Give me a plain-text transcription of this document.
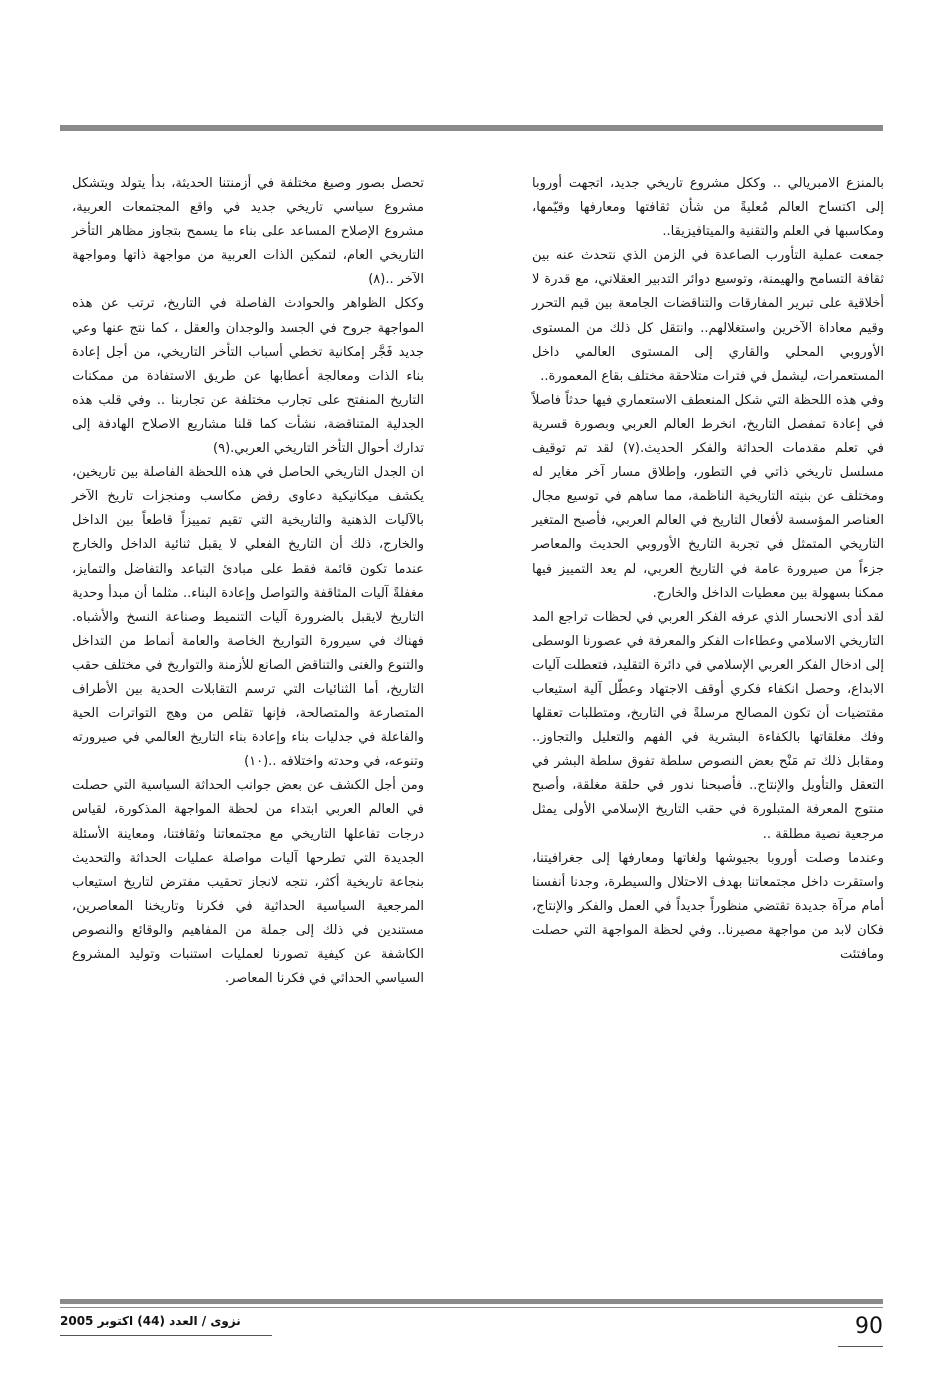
بالمنزع الامبريالي .. وككل مشروع تاريخي جديد، اتجهت أوروبا إلى اكتساح العالم مُعليةً من شأن ثقافتها ومعارفها وقيّمها، ومكاسبها في العلم والتقنية والميتافيزيقا..

جمعت عملية التأورب الصاعدة في الزمن الذي نتحدث عنه بين ثقافة التسامح والهيمنة، وتوسيع دوائر التدبير العقلاني، مع قدرة لا أخلاقية على تبرير المفارقات والتناقضات الجامعة بين قيم التحرر وقيم معاداة الآخرين واستغلالهم.. وانتقل كل ذلك من المستوى الأوروبي المحلي والقاري إلى المستوى العالمي داخل المستعمرات، ليشمل في فترات متلاحقة مختلف بقاع المعمورة..

وفي هذه اللحظة التي شكل المنعطف الاستعماري فيها حدثاً فاصلاً في إعادة تمفصل التاريخ، انخرط العالم العربي وبصورة قسرية في تعلم مقدمات الحداثة والفكر الحديث.(٧) لقد تم توقيف مسلسل تاريخي ذاتي في التطور، وإطلاق مسار آخر مغاير له ومختلف عن بنيته التاريخية الناظمة، مما ساهم في توسيع مجال العناصر المؤسسة لأفعال التاريخ في العالم العربي، فأصبح المتغير التاريخي المتمثل في تجربة التاريخ الأوروبي الحديث والمعاصر جزءاً من صيرورة عامة في التاريخ العربي، لم يعد التمييز فيها ممكنا بسهولة بين معطيات الداخل والخارج.

لقد أدى الانحسار الذي عرفه الفكر العربي في لحظات تراجع المد التاريخي الاسلامي وعطاءات الفكر والمعرفة في عصورنا الوسطى إلى ادخال الفكر العربي الإسلامي في دائرة التقليد، فتعطلت آليات الابداع، وحصل انكفاء فكري أوقف الاجتهاد وعطّل آلية استيعاب مقتضيات أن تكون المصالح مرسلةً في التاريخ، ومتطلبات تعقلها وفك مغلقاتها بالكفاءة البشرية في الفهم والتعليل والتجاوز.. ومقابل ذلك تم مَنْح بعض النصوص سلطة تفوق سلطة البشر في التعقل والتأويل والإنتاج.. فأصبحنا ندور في حلقة مغلقة، وأصبح منتوج المعرفة المتبلورة في حقب التاريخ الإسلامي الأولى يمثل مرجعية نصية مطلقة ..

وعندما وصلت أوروبا بجيوشها ولغاتها ومعارفها إلى جغرافيتنا، واستقرت داخل مجتمعاتنا بهدف الاحتلال والسيطرة، وجدنا أنفسنا أمام مرآة جديدة تقتضي منظوراً جديداً في العمل والفكر والإنتاج، فكان لابد من مواجهة مصيرنا.. وفي لحظة المواجهة التي حصلت ومافتئت

تحصل بصور وصيغ مختلفة في أزمنتنا الحديثة، بدأ يتولد ويتشكل مشروع سياسي تاريخي جديد في واقع المجتمعات العربية، مشروع الإصلاح المساعد على بناء ما يسمح بتجاوز مظاهر التأخر التاريخي العام، لتمكين الذات العربية من مواجهة ذاتها ومواجهة الآخر ..(٨)

وككل الظواهر والحوادث الفاصلة في التاريخ، ترتب عن هذه المواجهة جروح في الجسد والوجدان والعقل ، كما نتج عنها وعي جديد فَجَّر إمكانية تخطي أسباب التأخر التاريخي، من أجل إعادة بناء الذات ومعالجة أعطابها عن طريق الاستفادة من ممكنات التاريخ المنفتح على تجارب مختلفة عن تجاربنا .. وفي قلب هذه الجدلية المتناقضة، نشأت كما قلنا مشاريع الاصلاح الهادفة إلى تدارك أحوال التأخر التاريخي العربي.(٩)

ان الجدل التاريخي الحاصل في هذه اللحظة الفاصلة بين تاريخين، يكشف ميكانيكية دعاوى رفض مكاسب ومنجزات تاريخ الآخر بالآليات الذهنية والتاريخية التي تقيم تمييزاً قاطعاً بين الداخل والخارج، ذلك أن التاريخ الفعلي لا يقبل ثنائية الداخل والخارج عندما تكون قائمة فقط على مبادئ التباعد والتفاضل والتمايز، مغفلةً آليات المثاقفة والتواصل وإعادة البناء.. مثلما أن مبدأ وحدية التاريخ لايقبل بالضرورة آليات التنميط وصناعة النسخ والأشباه. فهناك في سيرورة التواريخ الخاصة والعامة أنماط من التداخل والتنوع والغنى والتناقض الصانع للأزمنة والتواريخ في مختلف حقب التاريخ، أما الثنائيات التي ترسم التقابلات الحدية بين الأطراف المتصارعة والمتصالحة، فإنها تقلص من وهج التواترات الحية والفاعلة في جدليات بناء وإعادة بناء التاريخ العالمي في صيرورته وتنوعه، في وحدته واختلافه ..(١٠)

ومن أجل الكشف عن بعض جوانب الحداثة السياسية التي حصلت في العالم العربي ابتداء من لحظة المواجهة المذكورة، لقياس درجات تفاعلها التاريخي مع مجتمعاتنا وثقافتنا، ومعاينة الأسئلة الجديدة التي تطرحها آليات مواصلة عمليات الحداثة والتحديث بنجاعة تاريخية أكثر، نتجه لانجاز تحقيب مفترض لتاريخ استيعاب المرجعية السياسية الحداثية في فكرنا وتاريخنا المعاصرين، مستندين في ذلك إلى جملة من المفاهيم والوقائع والنصوص الكاشفة عن كيفية تصورنا لعمليات استنبات وتوليد المشروع السياسي الحداثي في فكرنا المعاصر.

نزوى / العدد (44) اكتوبر 2005	90
